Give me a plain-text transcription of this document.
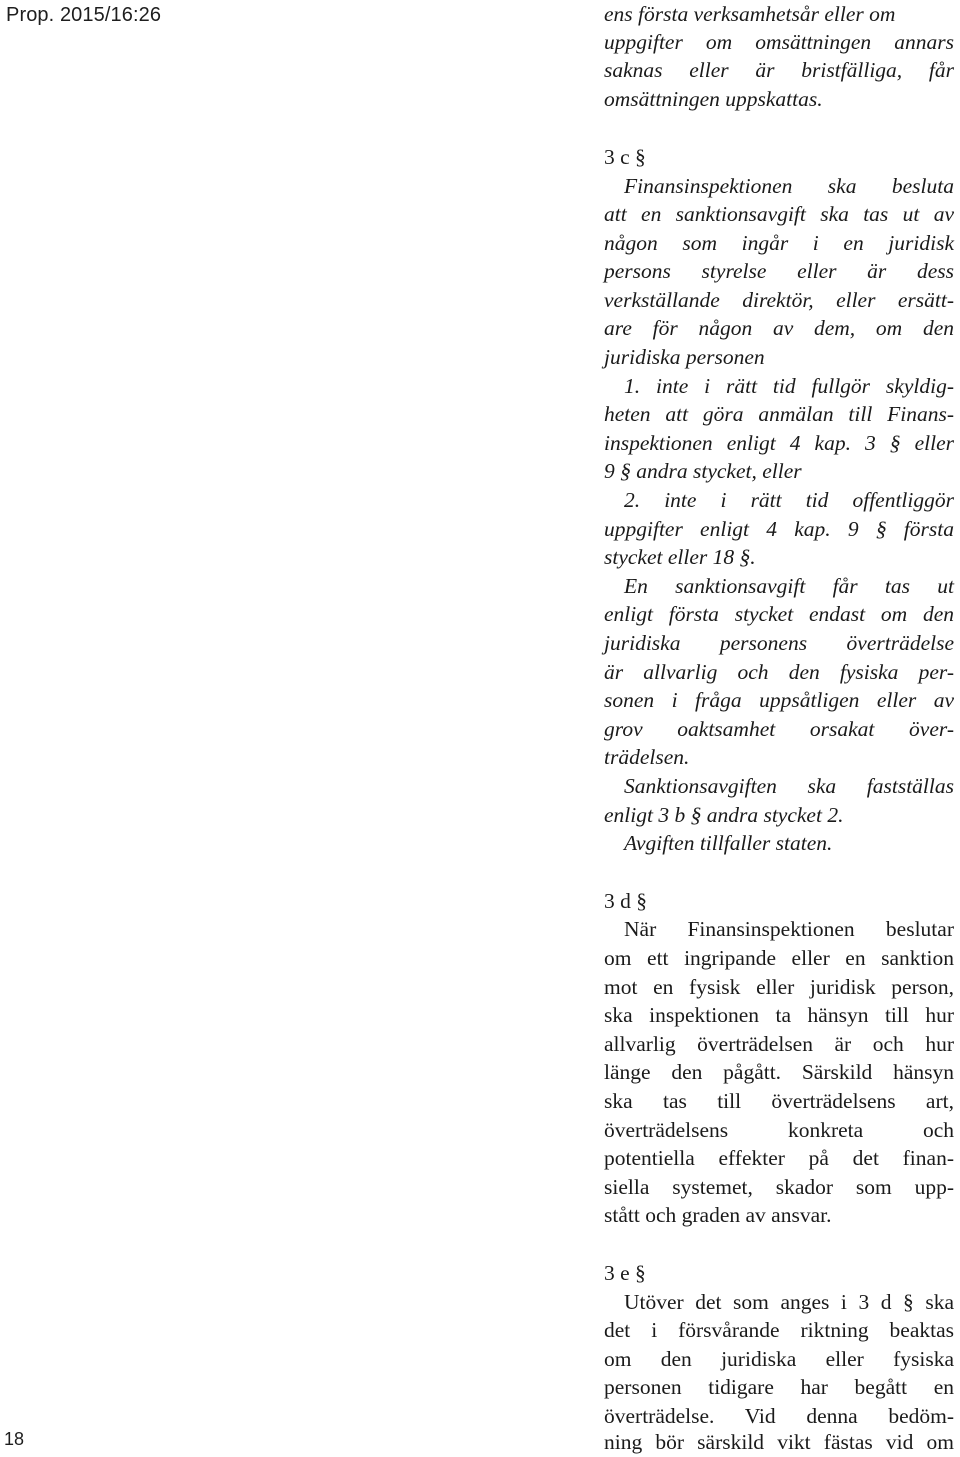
Prop. 2015/16:26
18
ens första verksamhetsår eller om
uppgifter om omsättningen annars
saknas eller är bristfälliga, får
omsättningen uppskattas.
3 c §
Finansinspektionen ska besluta
att en sanktionsavgift ska tas ut av
någon som ingår i en juridisk
persons styrelse eller är dess
verkställande direktör, eller ersätt-
are för någon av dem, om den
juridiska personen
1. inte i rätt tid fullgör skyldig-
heten att göra anmälan till Finans-
inspektionen enligt 4 kap. 3 § eller
9 § andra stycket, eller
2. inte i rätt tid offentliggör
uppgifter enligt 4 kap. 9 § första
stycket eller 18 §.
En sanktionsavgift får tas ut
enligt första stycket endast om den
juridiska personens överträdelse
är allvarlig och den fysiska per-
sonen i fråga uppsåtligen eller av
grov oaktsamhet orsakat över-
trädelsen.
Sanktionsavgiften ska fastställas
enligt 3 b § andra stycket 2.
Avgiften tillfaller staten.
3 d §
När Finansinspektionen beslutar
om ett ingripande eller en sanktion
mot en fysisk eller juridisk person,
ska inspektionen ta hänsyn till hur
allvarlig överträdelsen är och hur
länge den pågått. Särskild hänsyn
ska tas till överträdelsens art,
överträdelsens konkreta och
potentiella effekter på det finan-
siella systemet, skador som upp-
stått och graden av ansvar.
3 e §
Utöver det som anges i 3 d § ska
det i försvårande riktning beaktas
om den juridiska eller fysiska
personen tidigare har begått en
överträdelse. Vid denna bedöm-
ning bör särskild vikt fästas vid om
